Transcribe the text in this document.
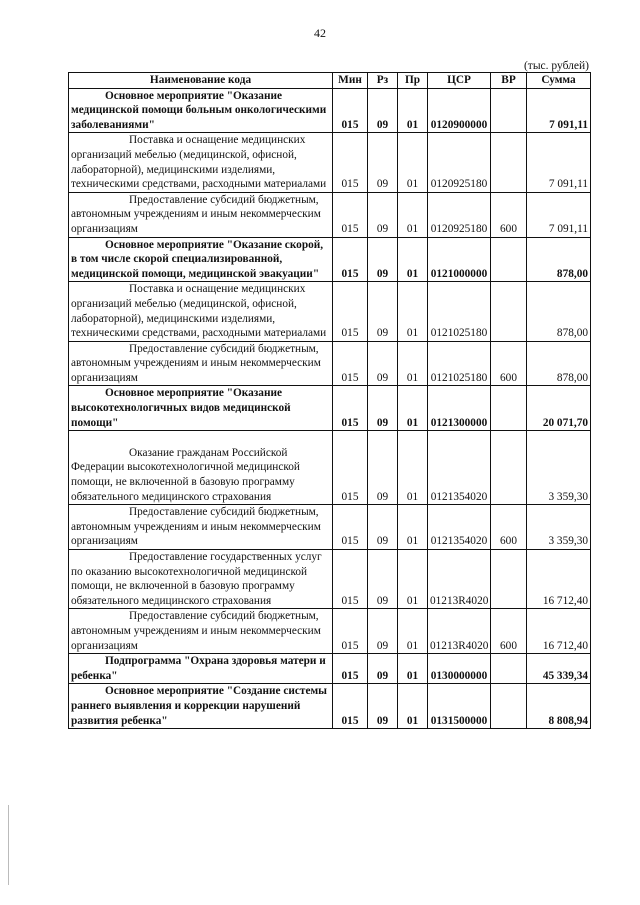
42
(тыс. рублей)
Наименование кода	Мин	Рз	Пр	ЦСР	ВР	Сумма
Основное мероприятие "Оказание медицинской помощи больным онкологическими заболеваниями"	015	09	01	0120900000		7 091,11
Поставка и оснащение медицинских организаций мебелью (медицинской, офисной, лабораторной), медицинскими изделиями, техническими средствами, расходными материалами	015	09	01	0120925180		7 091,11
Предоставление субсидий бюджетным, автономным учреждениям и иным некоммерческим организациям	015	09	01	0120925180	600	7 091,11
Основное мероприятие "Оказание скорой, в том числе скорой специализированной, медицинской помощи, медицинской эвакуации"	015	09	01	0121000000		878,00
Поставка и оснащение медицинских организаций мебелью (медицинской, офисной, лабораторной), медицинскими изделиями, техническими средствами, расходными материалами	015	09	01	0121025180		878,00
Предоставление субсидий бюджетным, автономным учреждениям и иным некоммерческим организациям	015	09	01	0121025180	600	878,00
Основное мероприятие "Оказание высокотехнологичных видов медицинской помощи"	015	09	01	0121300000		20 071,70

Оказание гражданам Российской Федерации высокотехнологичной медицинской помощи, не включенной в базовую программу обязательного медицинского страхования	015	09	01	0121354020		3 359,30
Предоставление субсидий бюджетным, автономным учреждениям и иным некоммерческим организациям	015	09	01	0121354020	600	3 359,30
Предоставление государственных услуг по оказанию высокотехнологичной медицинской помощи, не включенной в базовую программу обязательного медицинского страхования	015	09	01	01213R4020		16 712,40
Предоставление субсидий бюджетным, автономным учреждениям и иным некоммерческим организациям	015	09	01	01213R4020	600	16 712,40
Подпрограмма "Охрана здоровья матери и ребенка"	015	09	01	0130000000		45 339,34
Основное мероприятие "Создание системы раннего выявления и коррекции нарушений развития ребенка"	015	09	01	0131500000		8 808,94
